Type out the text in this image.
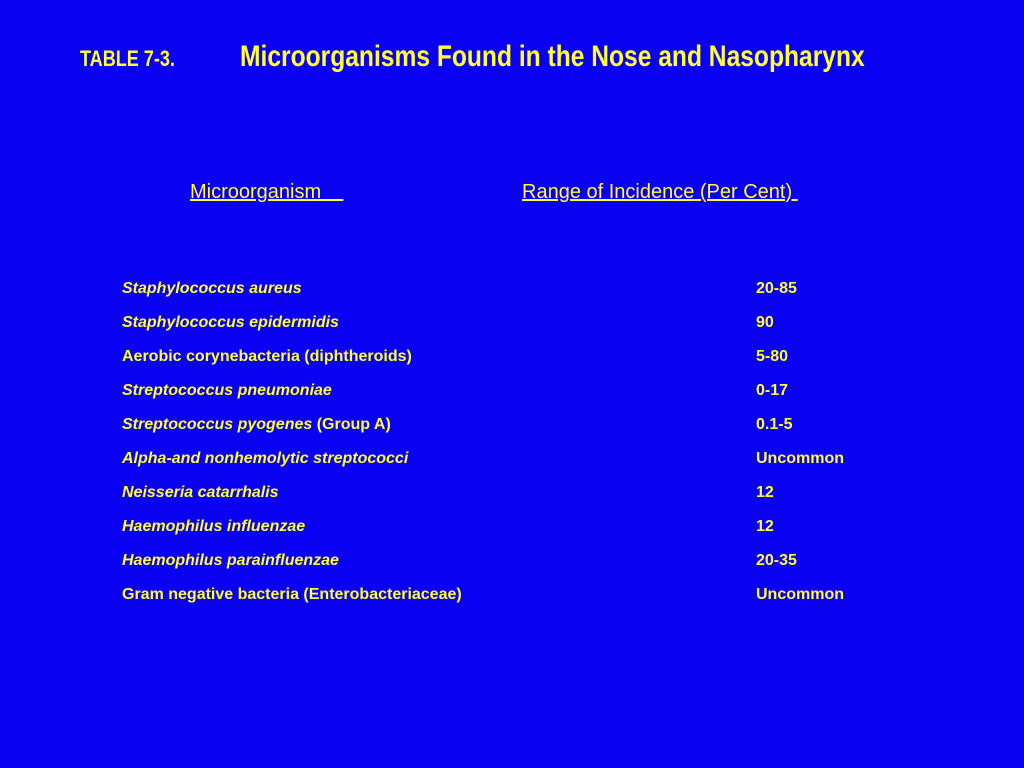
TABLE 7-3. Microorganisms Found in the Nose and Nasopharynx
Microorganism	Range of Incidence (Per Cent)
Staphylococcus aureus	20-85
Staphylococcus epidermidis	90
Aerobic corynebacteria (diphtheroids)	5-80
Streptococcus pneumoniae	0-17
Streptococcus pyogenes (Group A)	0.1-5
Alpha-and nonhemolytic streptococci	Uncommon
Neisseria catarrhalis	12
Haemophilus influenzae	12
Haemophilus parainfluenzae	20-35
Gram negative bacteria (Enterobacteriaceae)	Uncommon
